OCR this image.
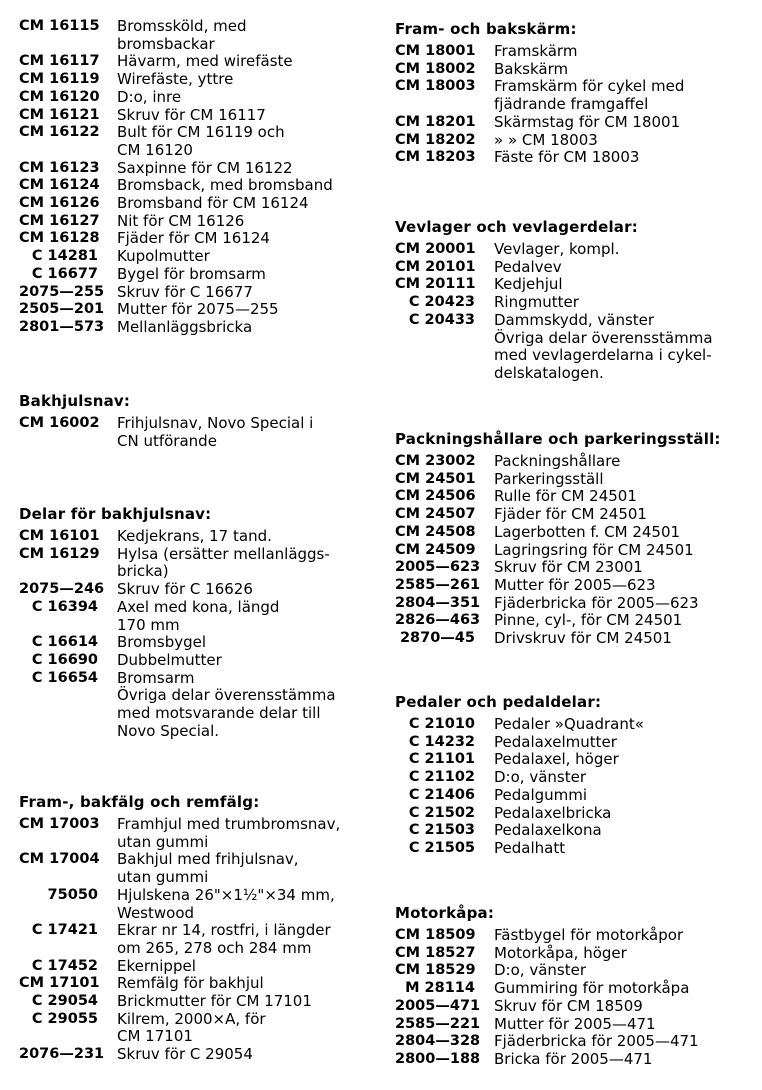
CM 16115	Bromssköld, med
bromsbackar
CM 16117	Hävarm, med wirefäste
CM 16119	Wirefäste, yttre
CM 16120	D:o, inre
CM 16121	Skruv för CM 16117
CM 16122	Bult för CM 16119 och
CM 16120
CM 16123	Saxpinne för CM 16122
CM 16124	Bromsback, med bromsband
CM 16126	Bromsband för CM 16124
CM 16127	Nit för CM 16126
CM 16128	Fjäder för CM 16124
C 14281	Kupolmutter
C 16677	Bygel för bromsarm
2075—255 Skruv för C 16677
2505—201 Mutter för 2075—255
2801—573 Mellanläggsbricka
Bakhjulsnav:
CM 16002	Frihjulsnav, Novo Special i
CN utförande
Delar för bakhjulsnav:
CM 16101	Kedjekrans, 17 tand.
CM 16129	Hylsa (ersätter mellanläggs-
bricka)
2075—246 Skruv för C 16626
C 16394	Axel med kona, längd
170 mm
C 16614	Bromsbygel
C 16690	Dubbelmutter
C 16654	Bromsarm
Övriga delar överensstämma
med motsvarande delar till
Novo Special.
Fram-, bakfälg och remfälg:
CM 17003	Framhjul med trumbromsnav,
utan gummi
CM 17004	Bakhjul med frihjulsnav,
utan gummi
75050	Hjulskena 26"×1½"×34 mm,
Westwood
C 17421	Ekrar nr 14, rostfri, i längder
om 265, 278 och 284 mm
C 17452	Ekernippel
CM 17101	Remfälg för bakhjul
C 29054	Brickmutter för CM 17101
C 29055	Kilrem, 2000×A, för
CM 17101
2076—231 Skruv för C 29054
Fram- och bakskärm:
CM 18001	Framskärm
CM 18002	Bakskärm
CM 18003	Framskärm för cykel med
fjädrande framgaffel
CM 18201	Skärmstag för CM 18001
CM 18202	» » CM 18003
CM 18203	Fäste för CM 18003
Vevlager och vevlagerdelar:
CM 20001	Vevlager, kompl.
CM 20101	Pedalvev
CM 20111	Kedjehjul
C 20423	Ringmutter
C 20433	Dammskydd, vänster
Övriga delar överensstämma
med vevlagerdelarna i cykel-
delskatalogen.
Packningshållare och parkeringsställ:
CM 23002	Packningshållare
CM 24501	Parkeringsställ
CM 24506	Rulle för CM 24501
CM 24507	Fjäder för CM 24501
CM 24508	Lagerbotten f. CM 24501
CM 24509	Lagringsring för CM 24501
2005—623 Skruv för CM 23001
2585—261 Mutter för 2005—623
2804—351 Fjäderbricka för 2005—623
2826—463 Pinne, cyl-, för CM 24501
2870—45	Drivskruv för CM 24501
Pedaler och pedaldelar:
C 21010	Pedaler »Quadrant«
C 14232	Pedalaxelmutter
C 21101	Pedalaxel, höger
C 21102	D:o, vänster
C 21406	Pedalgummi
C 21502	Pedalaxelbricka
C 21503	Pedalaxelkona
C 21505	Pedalhatt
Motorkåpa:
CM 18509	Fästbygel för motorkåpor
CM 18527	Motorkåpa, höger
CM 18529	D:o, vänster
M 28114	Gummiring för motorkåpa
2005—471 Skruv för CM 18509
2585—221 Mutter för 2005—471
2804—328 Fjäderbricka för 2005—471
2800—188 Bricka för 2005—471
